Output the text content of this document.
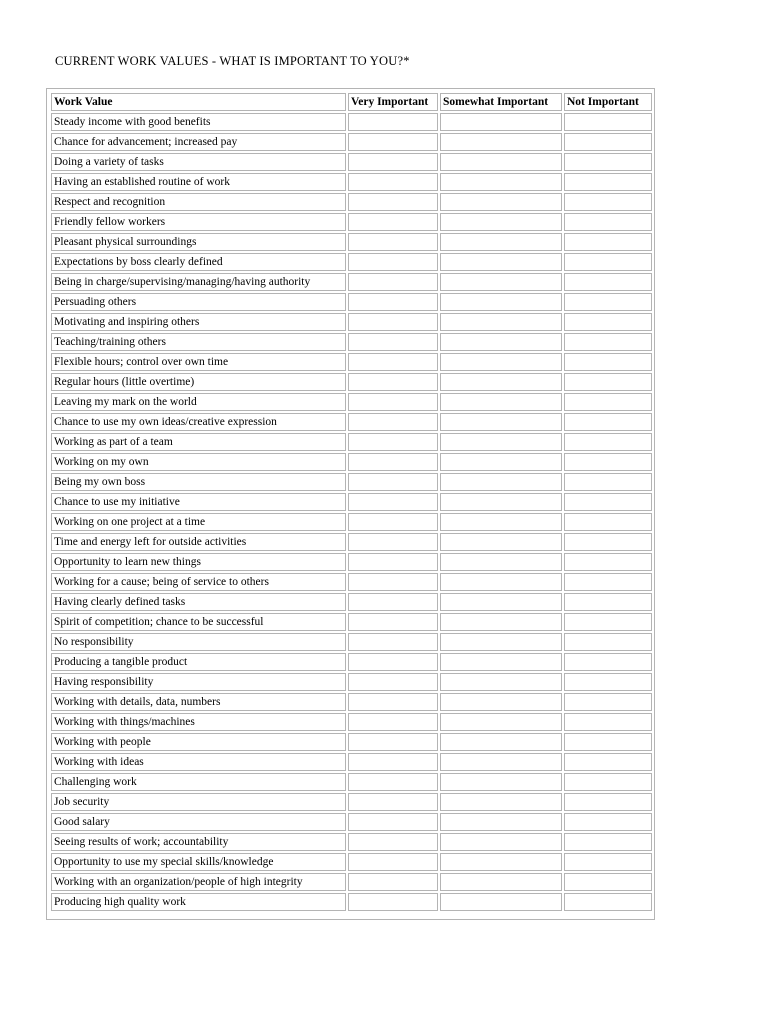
CURRENT WORK VALUES - WHAT IS IMPORTANT TO YOU?*
Work Value	Very Important	Somewhat Important	Not Important
Steady income with good benefits			
Chance for advancement; increased pay			
Doing a variety of tasks			
Having an established routine of work			
Respect and recognition			
Friendly fellow workers			
Pleasant physical surroundings			
Expectations by boss clearly defined			
Being in charge/supervising/managing/having authority			
Persuading others			
Motivating and inspiring others			
Teaching/training others			
Flexible hours; control over own time			
Regular hours (little overtime)			
Leaving my mark on the world			
Chance to use my own ideas/creative expression			
Working as part of a team			
Working on my own			
Being my own boss			
Chance to use my initiative			
Working on one project at a time			
Time and energy left for outside activities			
Opportunity to learn new things			
Working for a cause; being of service to others			
Having clearly defined tasks			
Spirit of competition; chance to be successful			
No responsibility			
Producing a tangible product			
Having responsibility			
Working with details, data, numbers			
Working with things/machines			
Working with people			
Working with ideas			
Challenging work			
Job security			
Good salary			
Seeing results of work; accountability			
Opportunity to use my special skills/knowledge			
Working with an organization/people of high integrity			
Producing high quality work			
